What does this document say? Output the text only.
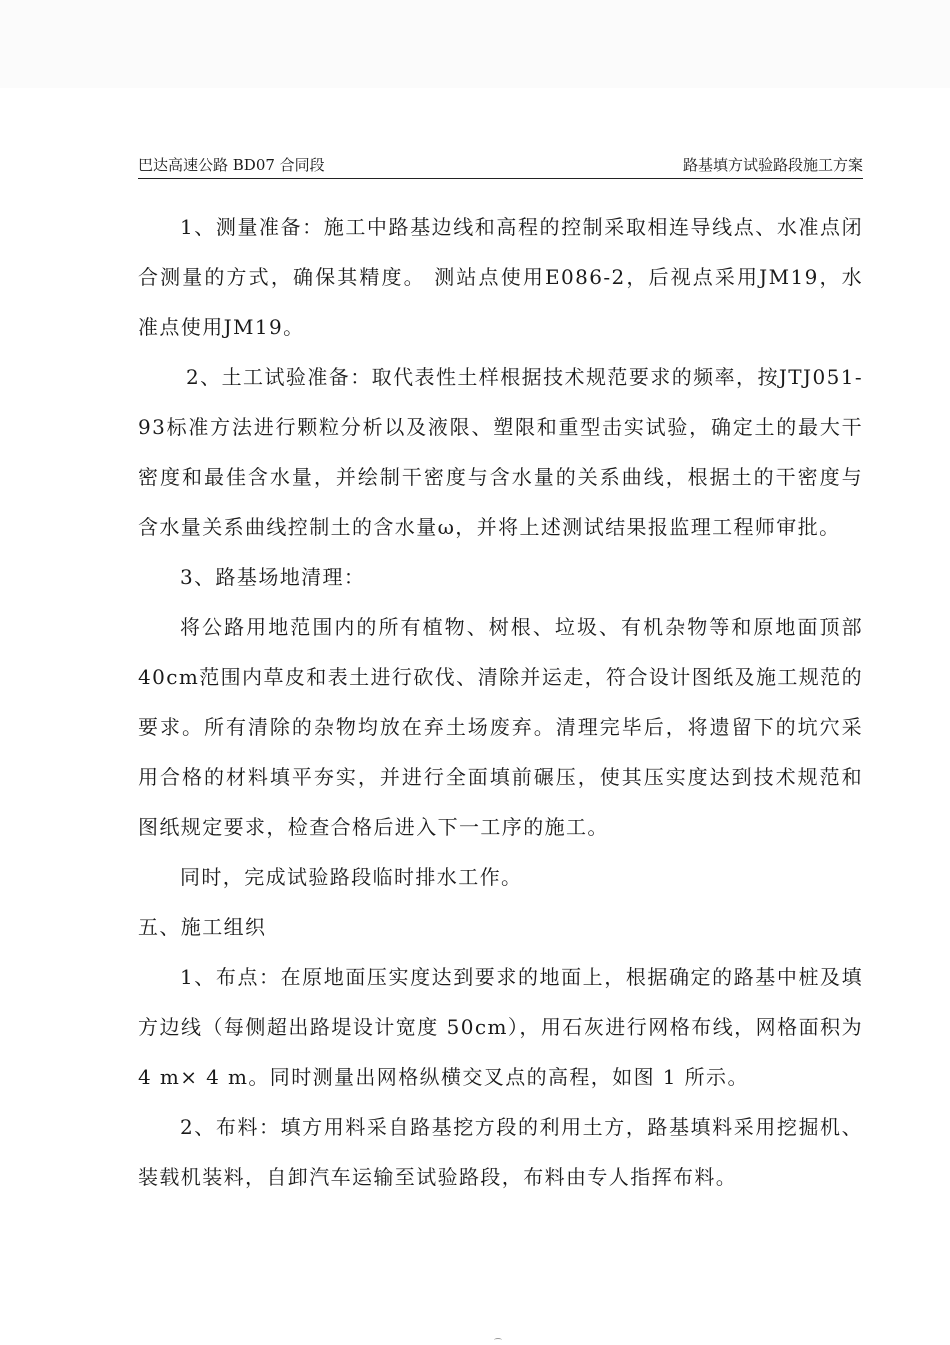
巴达高速公路 BD07 合同段	路基填方试验路段施工方案

1、测量准备：施工中路基边线和高程的控制采取相连导线点、水准点闭合测量的方式，确保其精度。 测站点使用E086-2，后视点采用JM19，水准点使用JM19。

2、土工试验准备：取代表性土样根据技术规范要求的频率，按JTJ051-93标准方法进行颗粒分析以及液限、塑限和重型击实试验，确定土的最大干密度和最佳含水量，并绘制干密度与含水量的关系曲线，根据土的干密度与含水量关系曲线控制土的含水量ω，并将上述测试结果报监理工程师审批。

3、路基场地清理：

将公路用地范围内的所有植物、树根、垃圾、有机杂物等和原地面顶部40cm范围内草皮和表土进行砍伐、清除并运走，符合设计图纸及施工规范的要求。所有清除的杂物均放在弃土场废弃。清理完毕后，将遗留下的坑穴采用合格的材料填平夯实，并进行全面填前碾压，使其压实度达到技术规范和图纸规定要求，检查合格后进入下一工序的施工。

同时，完成试验路段临时排水工作。

五、施工组织

1、布点：在原地面压实度达到要求的地面上，根据确定的路基中桩及填方边线（每侧超出路堤设计宽度 50cm），用石灰进行网格布线，网格面积为 4 m× 4 m。同时测量出网格纵横交叉点的高程，如图 1 所示。

2、布料：填方用料采自路基挖方段的利用土方，路基填料采用挖掘机、装载机装料，自卸汽车运输至试验路段，布料由专人指挥布料。
